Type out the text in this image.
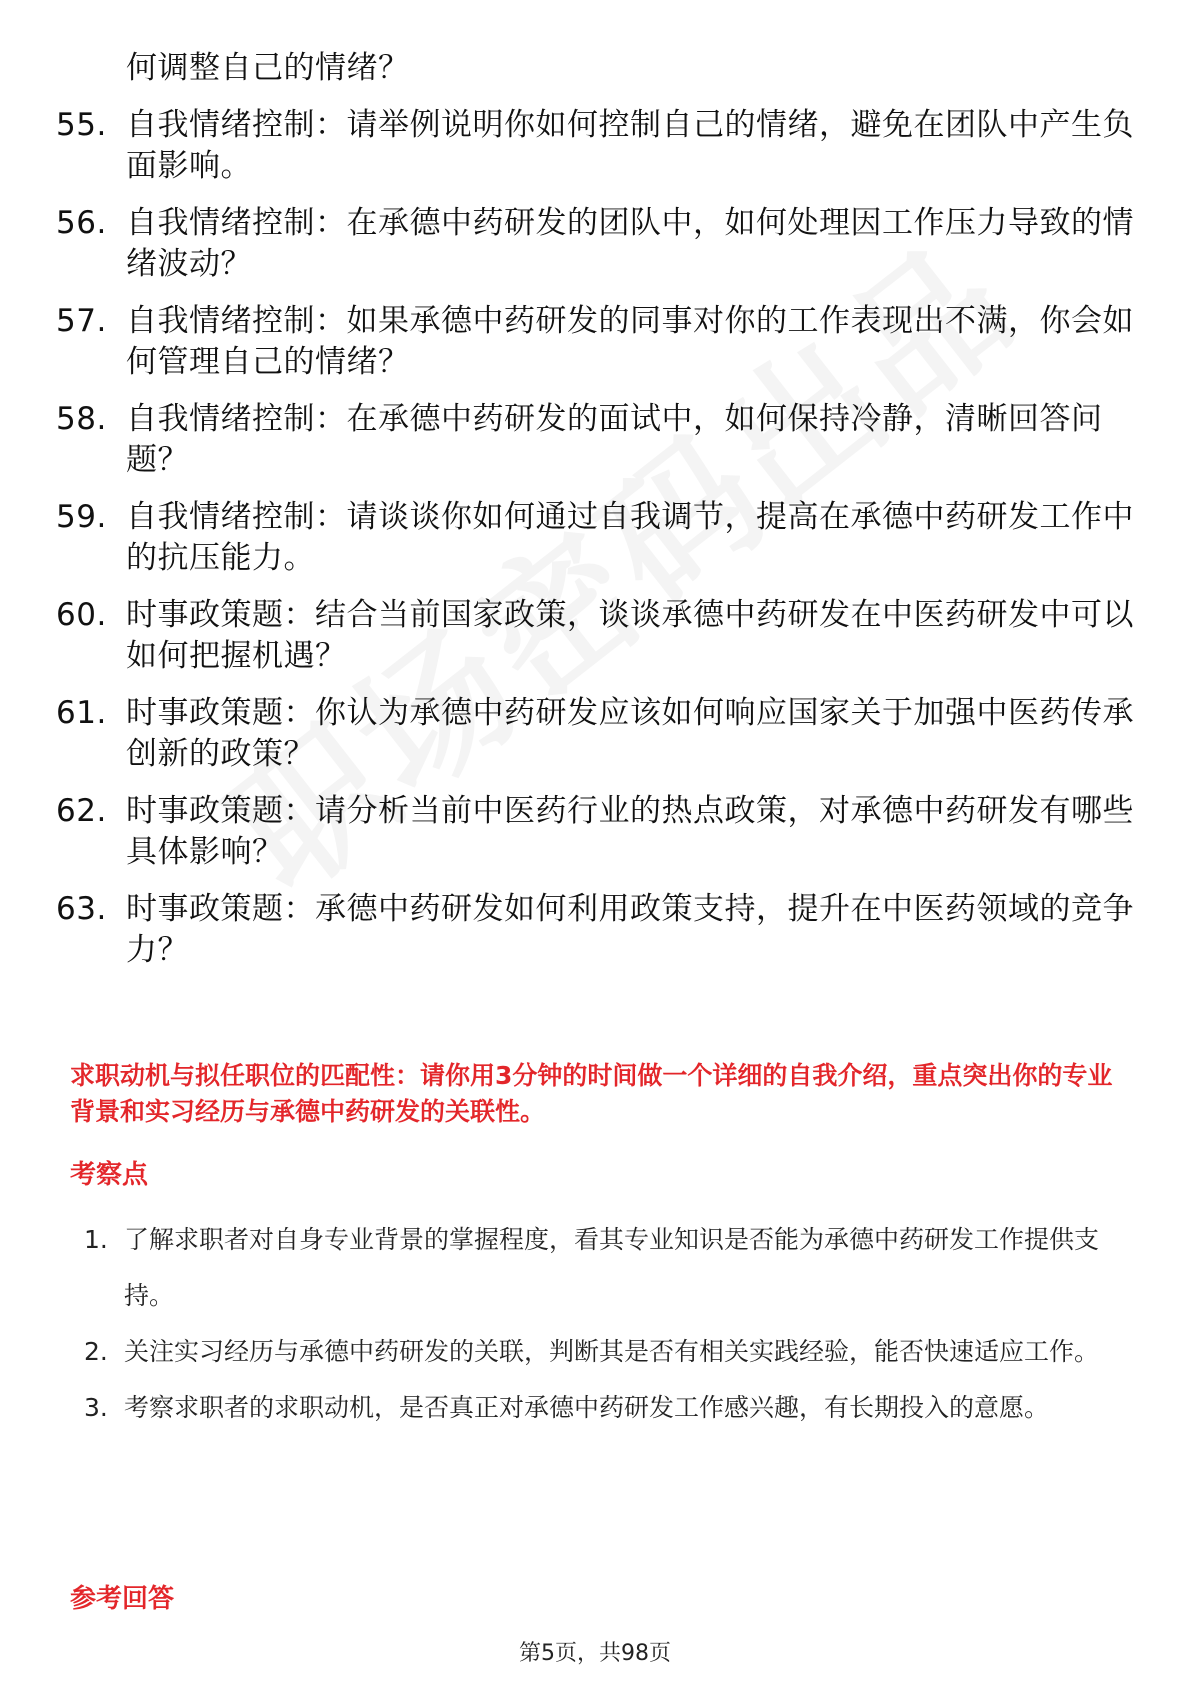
何调整自己的情绪？
55. 自我情绪控制：请举例说明你如何控制自己的情绪，避免在团队中产生负面影响。
56. 自我情绪控制：在承德中药研发的团队中，如何处理因工作压力导致的情绪波动？
57. 自我情绪控制：如果承德中药研发的同事对你的工作表现出不满，你会如何管理自己的情绪？
58. 自我情绪控制：在承德中药研发的面试中，如何保持冷静，清晰回答问题？
59. 自我情绪控制：请谈谈你如何通过自我调节，提高在承德中药研发工作中的抗压能力。
60. 时事政策题：结合当前国家政策，谈谈承德中药研发在中医药研发中可以如何把握机遇？
61. 时事政策题：你认为承德中药研发应该如何响应国家关于加强中医药传承创新的政策？
62. 时事政策题：请分析当前中医药行业的热点政策，对承德中药研发有哪些具体影响？
63. 时事政策题：承德中药研发如何利用政策支持，提升在中医药领域的竞争力？
求职动机与拟任职位的匹配性：请你用3分钟的时间做一个详细的自我介绍，重点突出你的专业背景和实习经历与承德中药研发的关联性。
考察点
1. 了解求职者对自身专业背景的掌握程度，看其专业知识是否能为承德中药研发工作提供支持。
2. 关注实习经历与承德中药研发的关联，判断其是否有相关实践经验，能否快速适应工作。
3. 考察求职者的求职动机，是否真正对承德中药研发工作感兴趣，有长期投入的意愿。
参考回答
第5页，共98页
